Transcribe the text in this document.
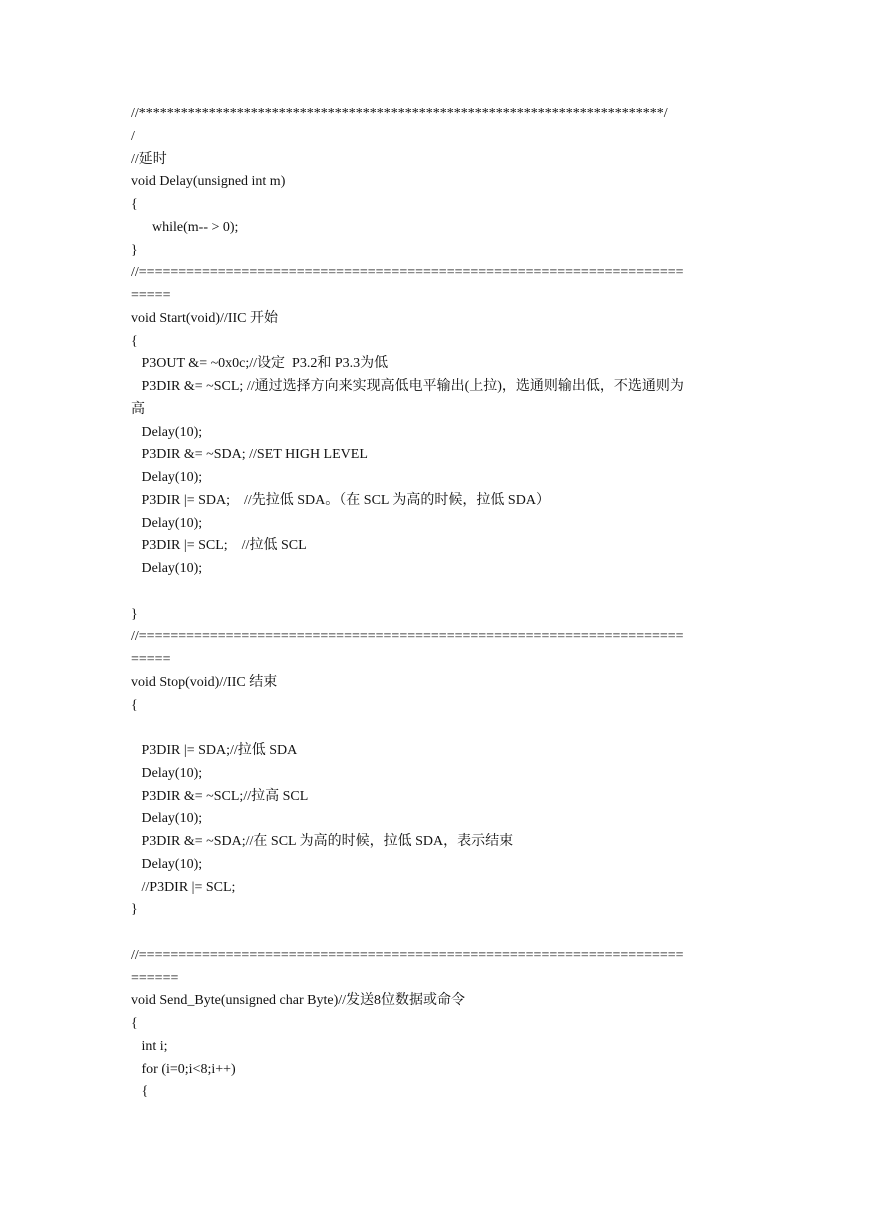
//***************************************************************************/
/
//延时
void Delay(unsigned int m)
{
while(m-- > 0);
}
//=====================================================================
=====
void Start(void)//IIC 开始
{
P3OUT &= ~0x0c;//设定  P3.2和 P3.3为低
P3DIR &= ~SCL; //通过选择方向来实现高低电平输出(上拉)，选通则输出低，不选通则为
高
Delay(10);
P3DIR &= ~SDA; //SET HIGH LEVEL
Delay(10);
P3DIR |= SDA;    //先拉低 SDA。（在 SCL 为高的时候，拉低 SDA）
Delay(10);
P3DIR |= SCL;    //拉低 SCL
Delay(10);
}
//=====================================================================
=====
void Stop(void)//IIC 结束
{
P3DIR |= SDA;//拉低 SDA
Delay(10);
P3DIR &= ~SCL;//拉高 SCL
Delay(10);
P3DIR &= ~SDA;//在 SCL 为高的时候，拉低 SDA，表示结束
Delay(10);
//P3DIR |= SCL;
}
//=====================================================================
======
void Send_Byte(unsigned char Byte)//发送8位数据或命令
{
int i;
for (i=0;i<8;i++)
{
